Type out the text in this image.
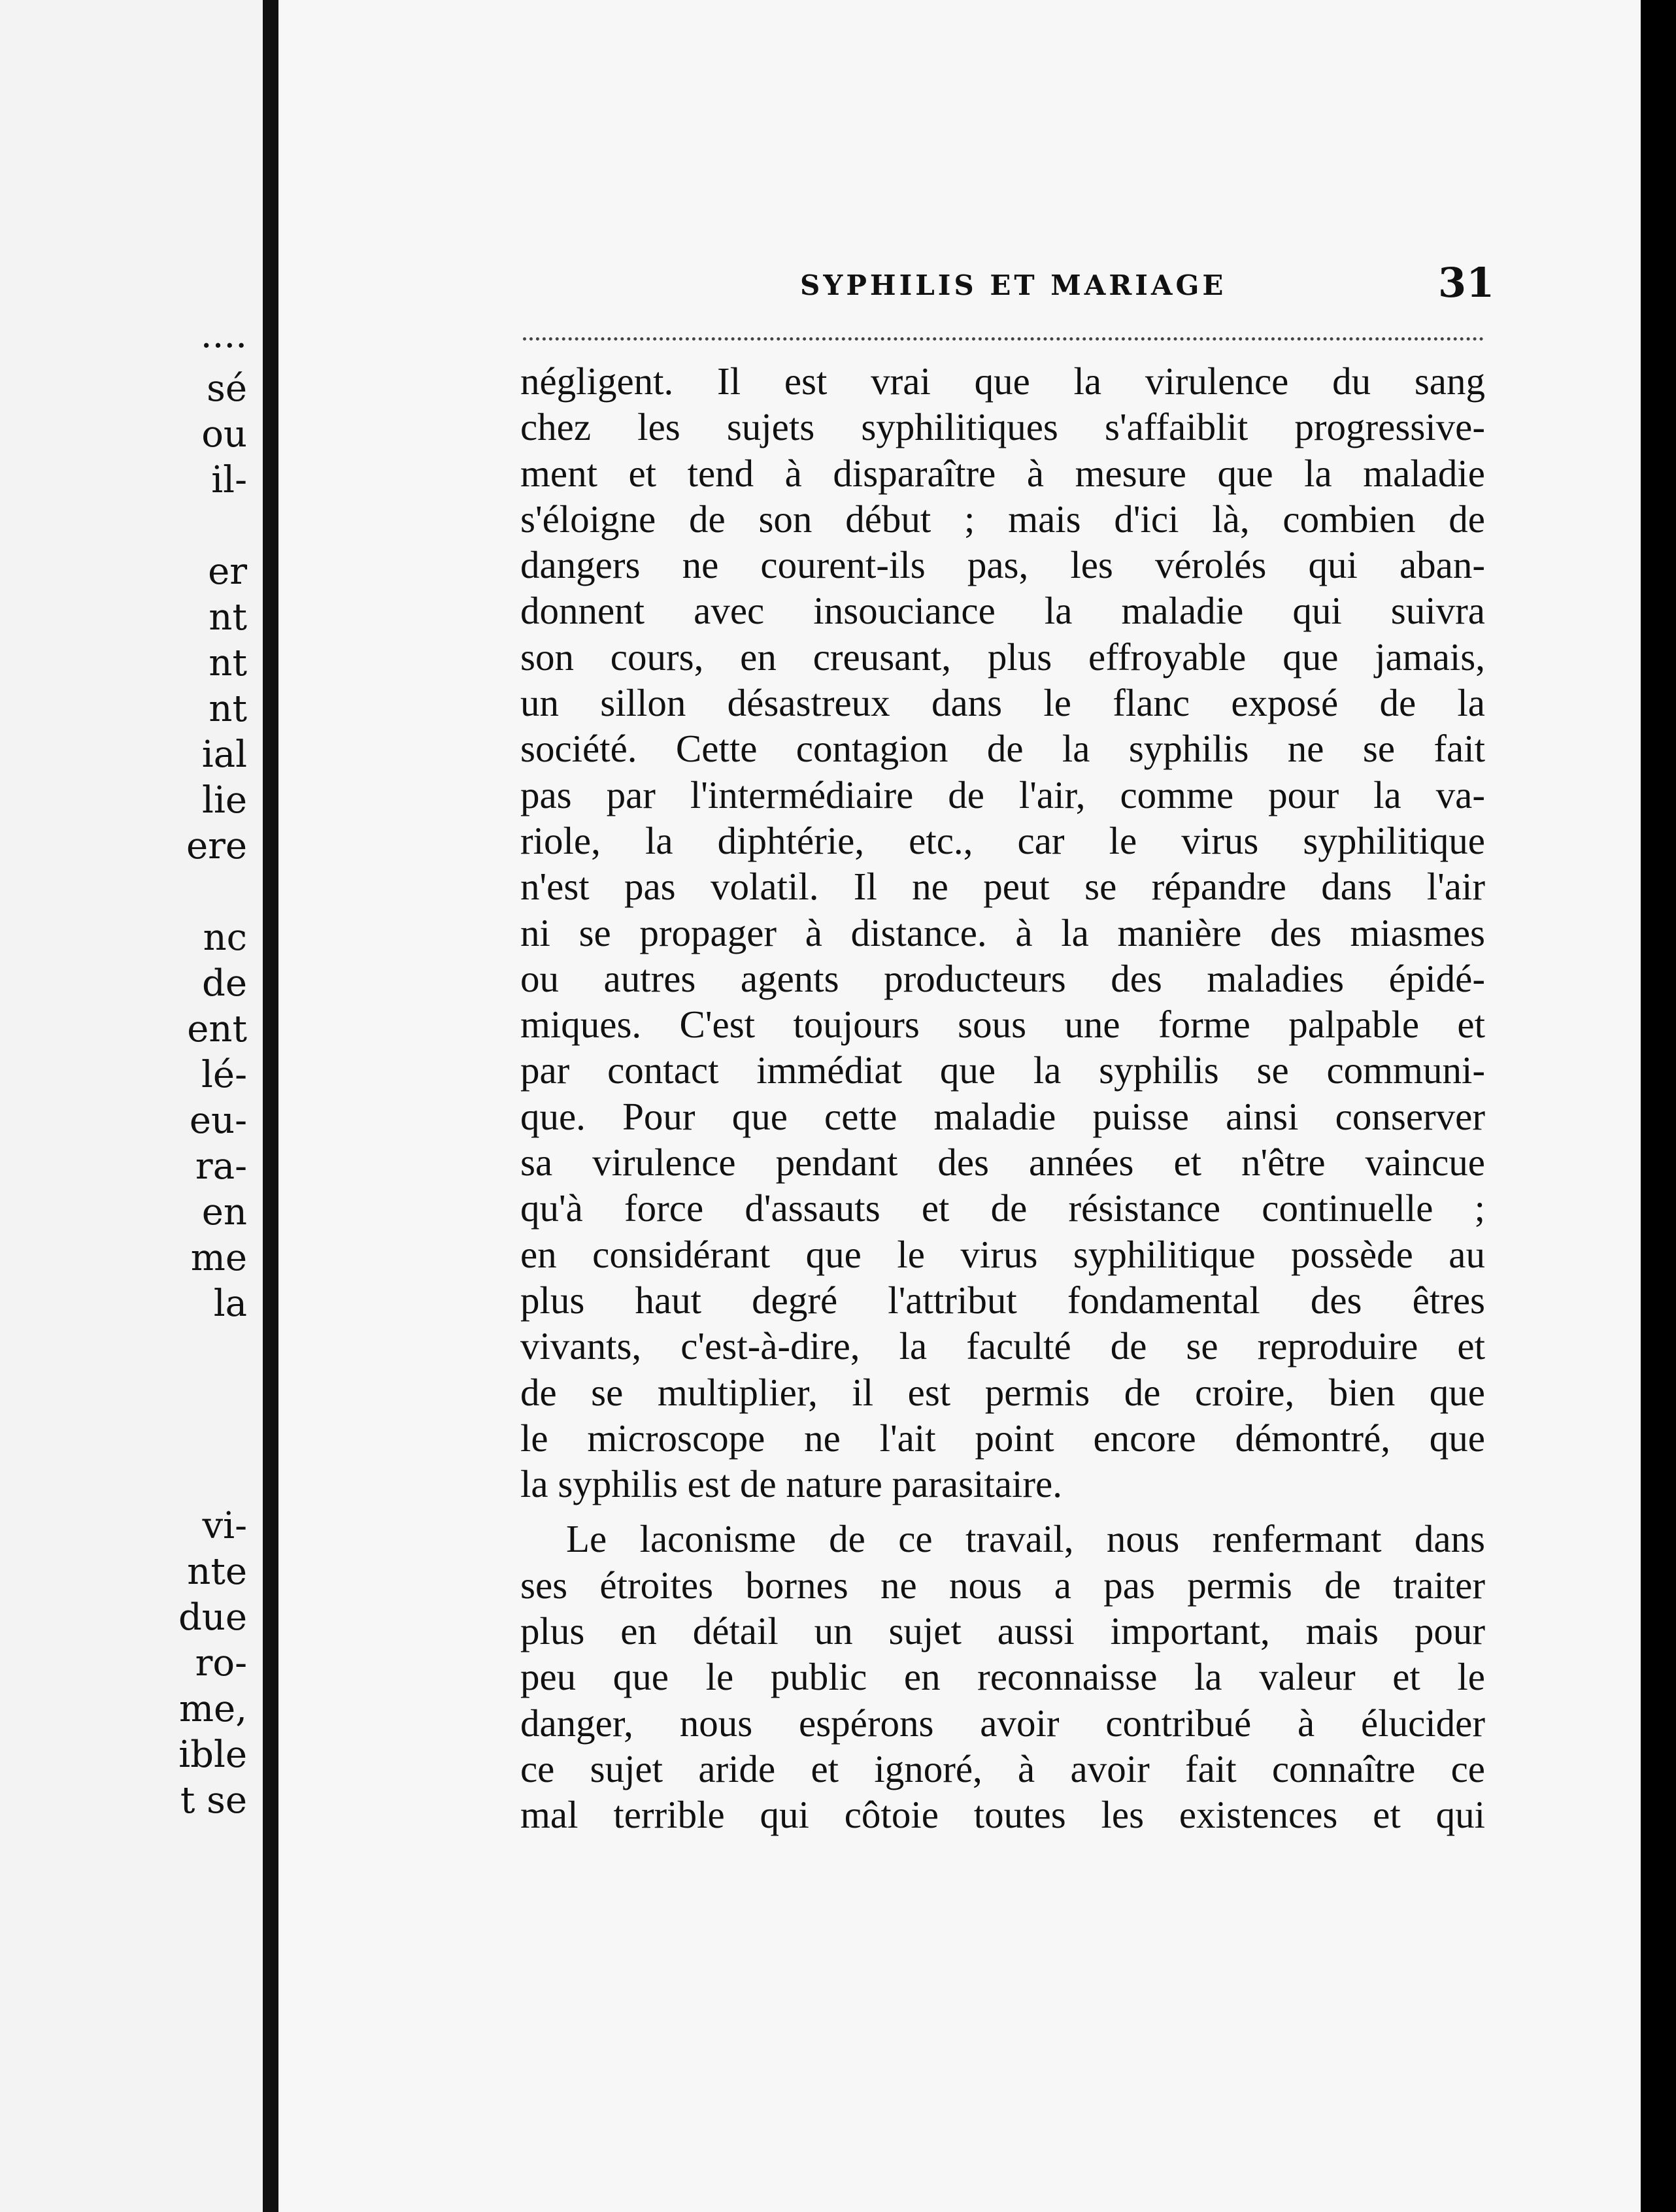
....
sé
ou
il-
er
nt
nt
nt
ial
lie
ere
nc
de
ent
lé-
eu-
ra-
en
me
la
vi-
nte
due
ro-
me,
ible
t se
SYPHILIS ET MARIAGE	31
négligent. Il est vrai que la virulence du sang
chez les sujets syphilitiques s'affaiblit progressive-
ment et tend à disparaître à mesure que la maladie
s'éloigne de son début ; mais d'ici là, combien de
dangers ne courent-ils pas, les vérolés qui aban-
donnent avec insouciance la maladie qui suivra
son cours, en creusant, plus effroyable que jamais,
un sillon désastreux dans le flanc exposé de la
société. Cette contagion de la syphilis ne se fait
pas par l'intermédiaire de l'air, comme pour la va-
riole, la diphtérie, etc., car le virus syphilitique
n'est pas volatil. Il ne peut se répandre dans l'air
ni se propager à distance. à la manière des miasmes
ou autres agents producteurs des maladies épidé-
miques. C'est toujours sous une forme palpable et
par contact immédiat que la syphilis se communi-
que. Pour que cette maladie puisse ainsi conserver
sa virulence pendant des années et n'être vaincue
qu'à force d'assauts et de résistance continuelle ;
en considérant que le virus syphilitique possède au
plus haut degré l'attribut fondamental des êtres
vivants, c'est-à-dire, la faculté de se reproduire et
de se multiplier, il est permis de croire, bien que
le microscope ne l'ait point encore démontré, que
la syphilis est de nature parasitaire.
Le laconisme de ce travail, nous renfermant dans
ses étroites bornes ne nous a pas permis de traiter
plus en détail un sujet aussi important, mais pour
peu que le public en reconnaisse la valeur et le
danger, nous espérons avoir contribué à élucider
ce sujet aride et ignoré, à avoir fait connaître ce
mal terrible qui côtoie toutes les existences et qui
